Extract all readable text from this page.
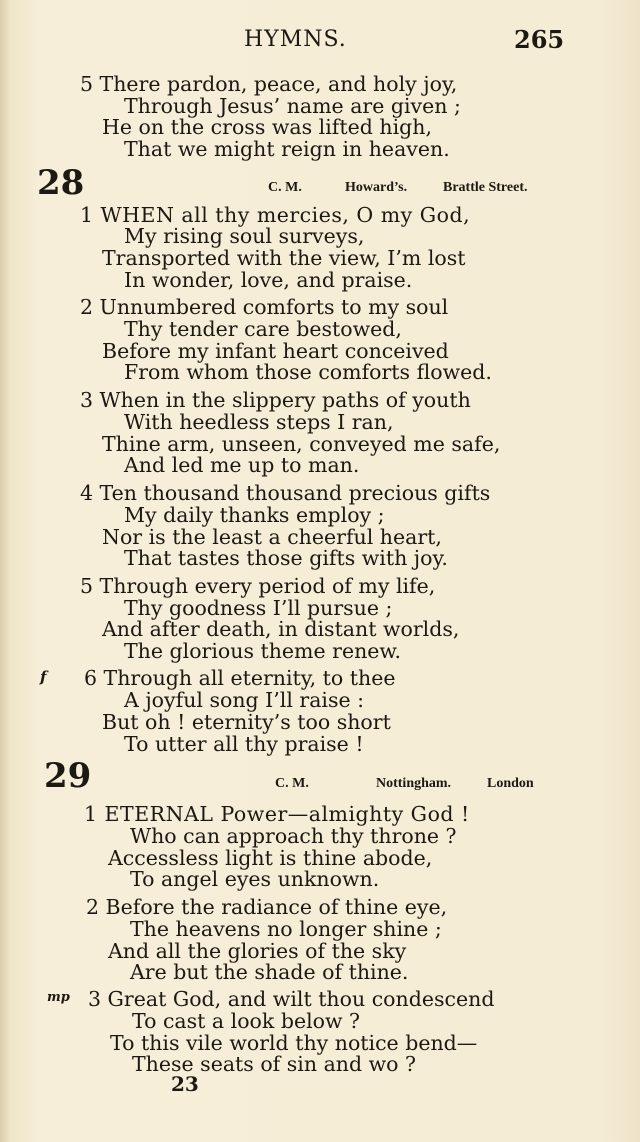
HYMNS.	265
5 There pardon, peace, and holy joy,
Through Jesus’ name are given ;
He on the cross was lifted high,
That we might reign in heaven.
28	C. M.	Howard’s.	Brattle Street.
1 WHEN all thy mercies, O my God,
My rising soul surveys,
Transported with the view, I’m lost
In wonder, love, and praise.
2 Unnumbered comforts to my soul
Thy tender care bestowed,
Before my infant heart conceived
From whom those comforts flowed.
3 When in the slippery paths of youth
With heedless steps I ran,
Thine arm, unseen, conveyed me safe,
And led me up to man.
4 Ten thousand thousand precious gifts
My daily thanks employ ;
Nor is the least a cheerful heart,
That tastes those gifts with joy.
5 Through every period of my life,
Thy goodness I’ll pursue ;
And after death, in distant worlds,
The glorious theme renew.
f 6 Through all eternity, to thee
A joyful song I’ll raise :
But oh ! eternity’s too short
To utter all thy praise !
29	C. M.	Nottingham.	London
1 ETERNAL Power—almighty God !
Who can approach thy throne ?
Accessless light is thine abode,
To angel eyes unknown.
2 Before the radiance of thine eye,
The heavens no longer shine ;
And all the glories of the sky
Are but the shade of thine.
mp 3 Great God, and wilt thou condescend
To cast a look below ?
To this vile world thy notice bend—
These seats of sin and wo ?
23
